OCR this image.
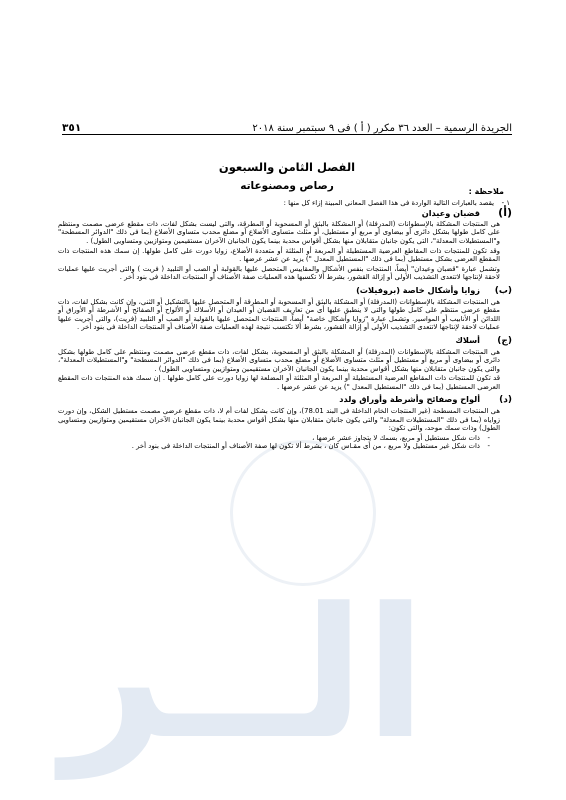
الــر
الجريدة الرسمية – العدد ٣٦ مكرر ( أ ) فى ٩ سبتمبر سنة ٢٠١٨
٣٥١
الفصل الثامن والسبعون
رصاص ومصنوعاته	ملاحظة :
١ -
يقصد بالعبارات التالية الواردة فى هذا الفصل المعانى المبينة إزاء كل منها :
(أ)
قضبان وعيدان

هى المنتجات المشكلة بالإسطوانات (المدرفلة) أو المشكلة بالبثق أو المسحوبة أو المطرقة، والتى ليست بشكل لفات، ذات مقطع عرضى مصمت ومنتظم على كامل طولها بشكل دائرى أو بيضاوى أو مربع أو مستطيل، أو مثلث متساوى الأضلاع أو مضلع محدب متساوى الأضلاع (بما فى ذلك "الدوائر المسطحة" و"المستطيلات المعدلة"، التى يكون جانبان متقابلان منها بشكل أقواس محدبة بينما يكون الجانبان الآخران مستقيمين ومتوازيين ومتساويى الطول) .

وقد تكون للمنتجات ذات المقاطع العرضية المستطيلة أو المربعة أو المثلثة أو متعددة الأضلاع، زوايا دورت على كامل طولها. إن سمك هذه المنتجات ذات المقطع العرضى بشكل مستطيل (بما فى ذلك "المستطيل المعدل ") يزيد عن عشر عرضها .

وتشمل عبارة "قضبان وعيدان" أيضاً، المنتجات بنفس الأشكال والمقاييس المتحصل عليها بالقولبة أو الصب أو التلبيد ( فريت ) والتى أجريت عليها عمليات لاحقة لإنتاجها لاتتعدى التشذيب الأولى أو إزالة القشور، بشرط ألا تكسبها هذه العمليات صفة الأصناف أو المنتجات الداخلة فى بنود أخر .

(ب)
زوايا وأشكال خاصة (بروفيلات)

هى المنتجات المشكلة بالإسطوانات (المدرفلة) أو المشكلة بالبثق أو المسحوبة أو المطرقة أو المتحصل عليها بالتشكيل أو الثنى، وإن كانت بشكل لفات، ذات مقطع عرضى منتظم على كامل طولها والتى لا ينطبق عليها أى من تعاريف القضبان أو العيدان أو الأسلاك أو الألواح أو الصفائح أو الأشرطة أو الأوراق أو اللدائن أو الأنابيب أو المواسير. وتشمل عبارة "زوايا وأشكال خاصة" أيضاً، المنتجات المتحصل عليها بالقولبة أو الصب أو التلبيد (فريت)، والتى أجريت عليها عمليات لاحقة لإنتاجها لاتتعدى التشذيب الأولى أو إزالة القشور، بشرط ألا تكتسب نتيجة لهذه العمليات صفة الأصناف أو المنتجات الداخلة فى بنود أخر .

(ج)
أسلاك

هى المنتجات المشكلة بالإسطوانات (المدرفلة) أو المشكلة بالبثق أو المسحوبة، بشكل لفات، ذات مقطع عرضى مصمت ومنتظم على كامل طولها بشكل دائرى أو بيضاوى أو مربع أو مستطيل أو مثلث متساوى الأضلاع أو مضلع محدب متساوى الأضلاع (بما فى ذلك "الدوائر المسطحة" و"المستطيلات المعدلة"، والتى يكون جانبان متقابلان منها بشكل أقواس محدبة بينما يكون الجانبان الآخران مستقيمين ومتوازيين ومتساويى الطول) .

قد تكون للمنتجات ذات المقاطع العرضية المستطيلة أو المربعة أو المثلثة أو المضلعة لها زوايا دورت على كامل طولها . إن سمك هذه المنتجات ذات المقطع العرضى المستطيل (بما فى ذلك "المستطيل المعدل ") يزيد عن عشر عرضها .

(د)
ألواح وصفائح وأشرطة وأوراق ولدد

هى المنتجات المسطحة (غير المنتجات الخام الداخلة فى البند 78.01)، وإن كانت بشكل لفات أم لا، ذات مقطع عرضى مصمت مستطيل الشكل، وإن دورت زواياه (بما فى ذلك "المستطيلات المعدلة" والتى يكون جانبان متقابلان منها بشكل أقواس محدبة بينما يكون الجانبان الآخران مستقيمين ومتوازيين ومتساويى الطول) وذات سمك موحد، والتى تكون:

- ذات شكل مستطيل أو مربع، بسمك لا يتجاوز عشر عرضها ،
- ذات شكل غير مستطيل ولا مربع ، من أى مقـاس كان ، بشرط ألا تكون لها صفة الأصناف أو المنتجات الداخلة فى بنود أخر .
